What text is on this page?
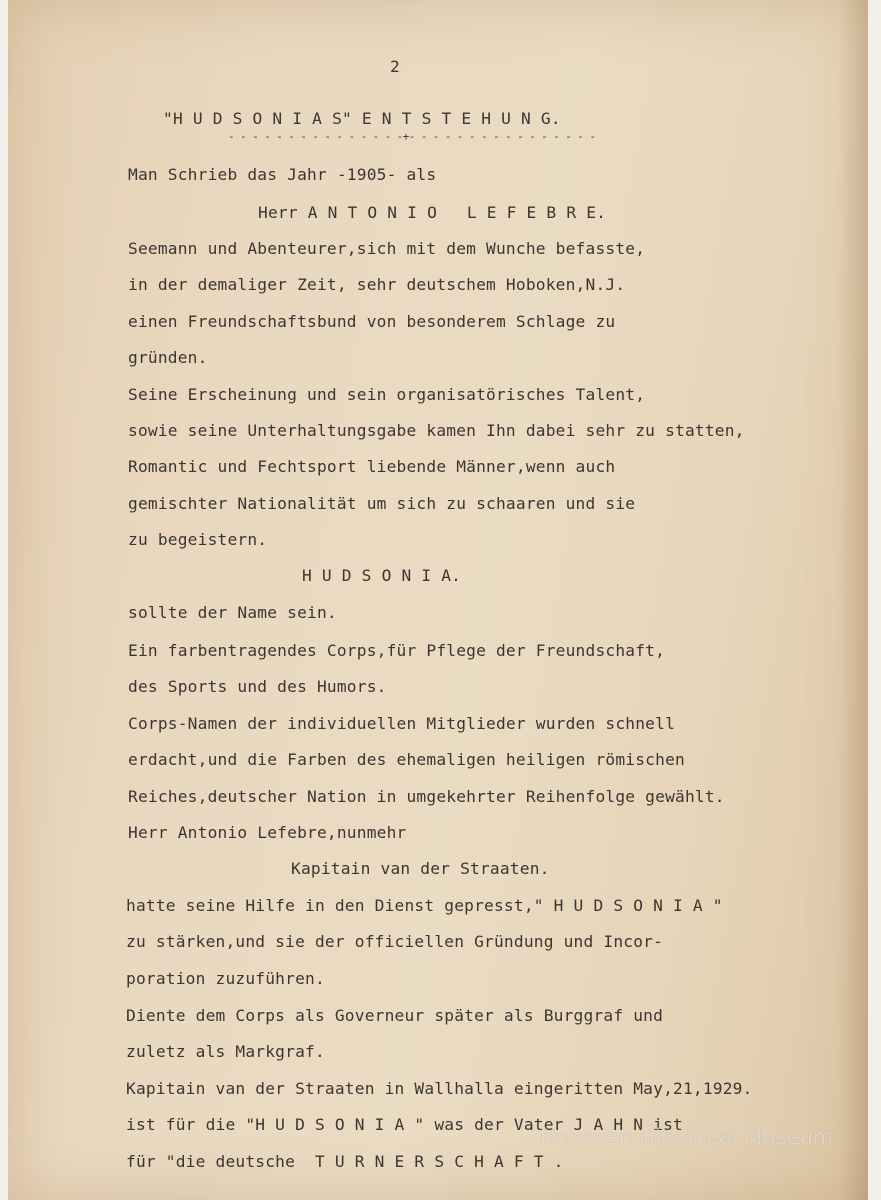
2
"H U D S O N I A S" E N T S T E H U N G.
- - - - - - - - - - - - - - -+- - - - - - - - - - - - - - - -
Man Schrieb das Jahr -1905- als
Herr A N T O N I O   L E F E B R E.
Seemann und Abenteurer,sich mit dem Wunche befasste,
in der demaliger Zeit, sehr deutschem Hoboken,N.J.
einen Freundschaftsbund von besonderem Schlage zu
gründen.
Seine Erscheinung und sein organisatörisches Talent,
sowie seine Unterhaltungsgabe kamen Ihn dabei sehr zu statten,
Romantic und Fechtsport liebende Männer,wenn auch
gemischter Nationalität um sich zu schaaren und sie
zu begeistern.
H U D S O N I A.
sollte der Name sein.
Ein farbentragendes Corps,für Pflege der Freundschaft,
des Sports und des Humors.
Corps-Namen der individuellen Mitglieder wurden schnell
erdacht,und die Farben des ehemaligen heiligen römischen
Reiches,deutscher Nation in umgekehrter Reihenfolge gewählt.
Herr Antonio Lefebre,nunmehr
Kapitain van der Straaten.
hatte seine Hilfe in den Dienst gepresst," H U D S O N I A "
zu stärken,und sie der officiellen Gründung und Incor-
poration zuzuführen.
Diente dem Corps als Governeur später als Burggraf und
zuletz als Markgraf.
Kapitain van der Straaten in Wallhalla eingeritten May,21,1929.
ist für die "H U D S O N I A " was der Vater J A H N ist
für "die deutsche  T U R N E R S C H A F T .
Hoboken Historical Museum
